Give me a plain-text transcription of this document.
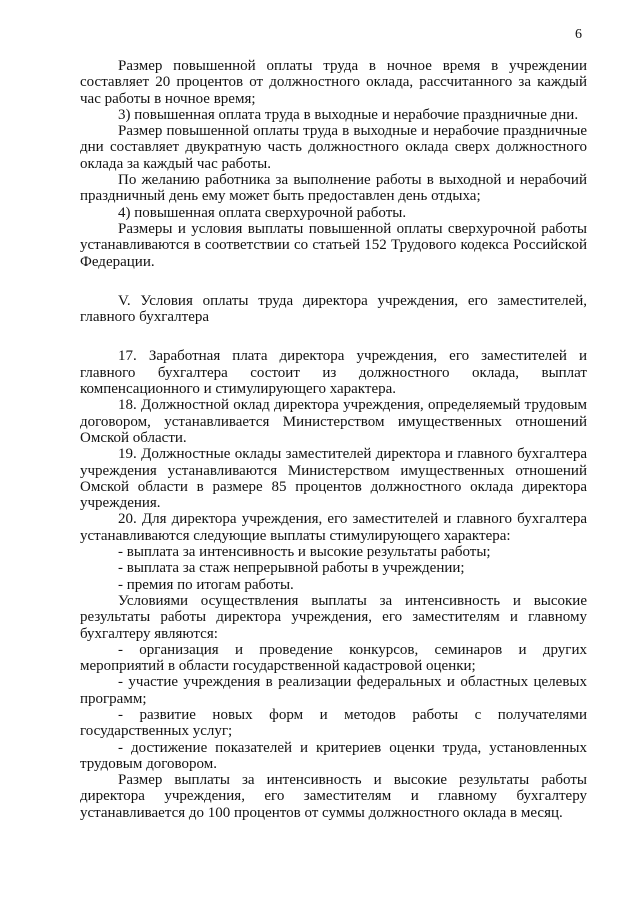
6

Размер повышенной оплаты труда в ночное время в учреждении составляет 20 процентов от должностного оклада, рассчитанного за каждый час работы в ночное время;

3) повышенная оплата труда в выходные и нерабочие праздничные дни.

Размер повышенной оплаты труда в выходные и нерабочие праздничные дни составляет двукратную часть должностного оклада сверх должностного оклада за каждый час работы.

По желанию работника за выполнение работы в выходной и нерабочий праздничный день ему может быть предоставлен день отдыха;

4) повышенная оплата сверхурочной работы.

Размеры и условия выплаты повышенной оплаты сверхурочной работы устанавливаются в соответствии со статьей 152 Трудового кодекса Российской Федерации.

V. Условия оплаты труда директора учреждения, его заместителей, главного бухгалтера

17. Заработная плата директора учреждения, его заместителей и главного бухгалтера состоит из должностного оклада, выплат компенсационного и стимулирующего характера.

18. Должностной оклад директора учреждения, определяемый трудовым договором, устанавливается Министерством имущественных отношений Омской области.

19. Должностные оклады заместителей директора и главного бухгалтера учреждения устанавливаются Министерством имущественных отношений Омской области в размере 85 процентов должностного оклада директора учреждения.

20. Для директора учреждения, его заместителей и главного бухгалтера устанавливаются следующие выплаты стимулирующего характера:

- выплата за интенсивность и высокие результаты работы;

- выплата за стаж непрерывной работы в учреждении;

- премия по итогам работы.

Условиями осуществления выплаты за интенсивность и высокие результаты работы директора учреждения, его заместителям и главному бухгалтеру являются:

- организация и проведение конкурсов, семинаров и других мероприятий в области государственной кадастровой оценки;

- участие учреждения в реализации федеральных и областных целевых программ;

- развитие новых форм и методов работы с получателями государственных услуг;

- достижение показателей и критериев оценки труда, установленных трудовым договором.

Размер выплаты за интенсивность и высокие результаты работы директора учреждения, его заместителям и главному бухгалтеру устанавливается до 100 процентов от суммы должностного оклада в месяц.
